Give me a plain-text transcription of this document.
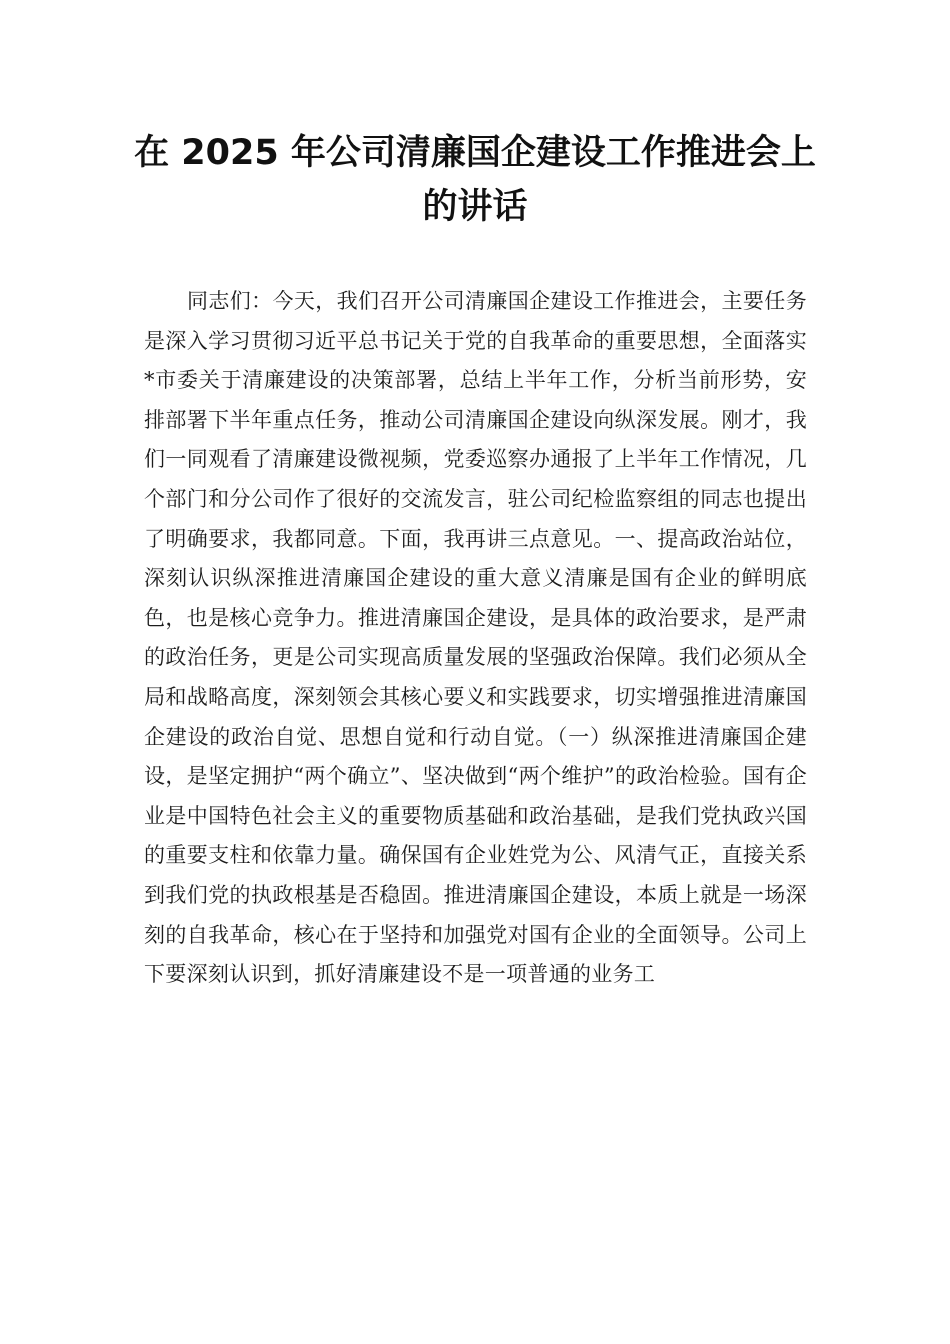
在 2025 年公司清廉国企建设工作推进会上的讲话

同志们：今天，我们召开公司清廉国企建设工作推进会，主要任务是深入学习贯彻习近平总书记关于党的自我革命的重要思想，全面落实*市委关于清廉建设的决策部署，总结上半年工作，分析当前形势，安排部署下半年重点任务，推动公司清廉国企建设向纵深发展。刚才，我们一同观看了清廉建设微视频，党委巡察办通报了上半年工作情况，几个部门和分公司作了很好的交流发言，驻公司纪检监察组的同志也提出了明确要求，我都同意。下面，我再讲三点意见。一、提高政治站位，深刻认识纵深推进清廉国企建设的重大意义清廉是国有企业的鲜明底色，也是核心竞争力。推进清廉国企建设，是具体的政治要求，是严肃的政治任务，更是公司实现高质量发展的坚强政治保障。我们必须从全局和战略高度，深刻领会其核心要义和实践要求，切实增强推进清廉国企建设的政治自觉、思想自觉和行动自觉。（一）纵深推进清廉国企建设，是坚定拥护“两个确立”、坚决做到“两个维护”的政治检验。国有企业是中国特色社会主义的重要物质基础和政治基础，是我们党执政兴国的重要支柱和依靠力量。确保国有企业姓党为公、风清气正，直接关系到我们党的执政根基是否稳固。推进清廉国企建设，本质上就是一场深刻的自我革命，核心在于坚持和加强党对国有企业的全面领导。公司上下要深刻认识到，抓好清廉建设不是一项普通的业务工
